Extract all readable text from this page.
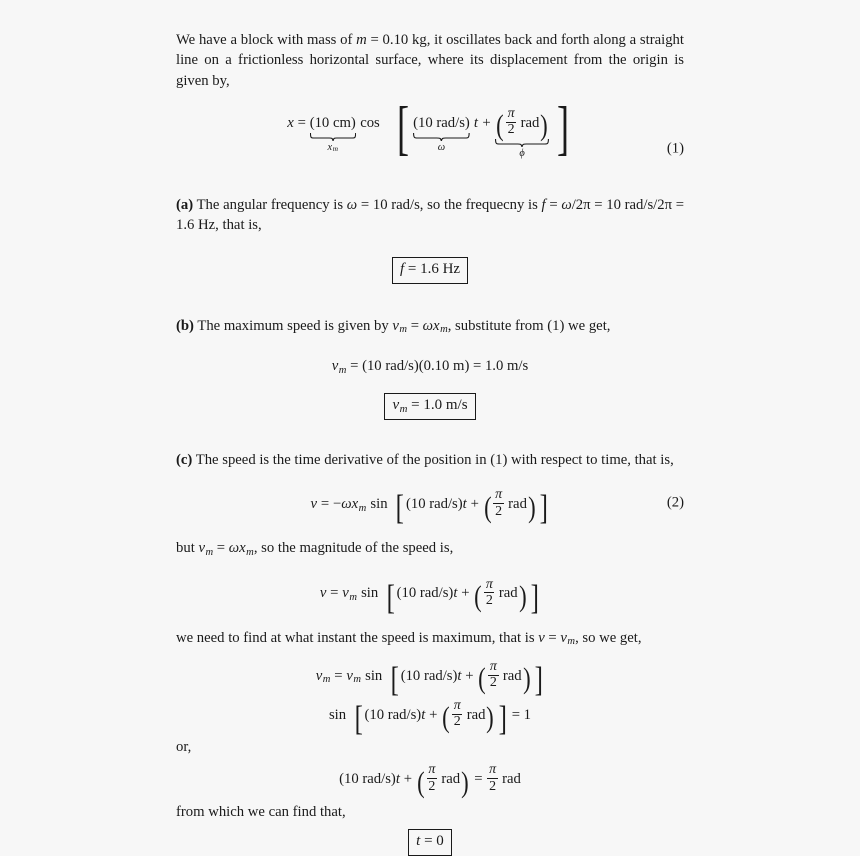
We have a block with mass of m = 0.10 kg, it oscillates back and forth along a straight line on a frictionless horizontal surface, where its displacement from the origin is given by,

x = (10 cm)
$x_m$
cos [ (10 rad/s)
ω
t + ( $\frac{\pi}{2} rad$)
ϕ ]	(1)

(a) The angular frequency is ω = 10 rad/s, so the frequecny is f = ω/2π = 10 rad/s/2π = 1.6 Hz, that is,

f = 1.6 Hz

(b) The maximum speed is given by $v_m = \omega x_m$, substitute from (1) we get,

$v_m = (10$ rad/s)(0.10 m) = 1.0 m/s
$v_m = 1.0$ m/s

(c) The speed is the time derivative of the position in (1) with respect to time, that is,

$v = -\omega x_m$ sin [ (10 rad/s)t + ( $\frac{\pi}{2} rad$) ]	(2)

but $v_m = \omega x_m$, so the magnitude of the speed is,

$v = v_m$ sin [ (10 rad/s)t + ( $\frac{\pi}{2} rad$) ]

we need to find at what instant the speed is maximum, that is $v = v_m$, so we get,

$v_m = v_m$ sin [ (10 rad/s)t + ( $\frac{\pi}{2} rad$) ]
sin [ (10 rad/s)t + ( $\frac{\pi}{2} rad$) ] = 1

or,

(10 rad/s)t + ( $\frac{\pi}{2} rad) = \frac{\pi}{2}$ rad

from which we can find that,

t = 0
